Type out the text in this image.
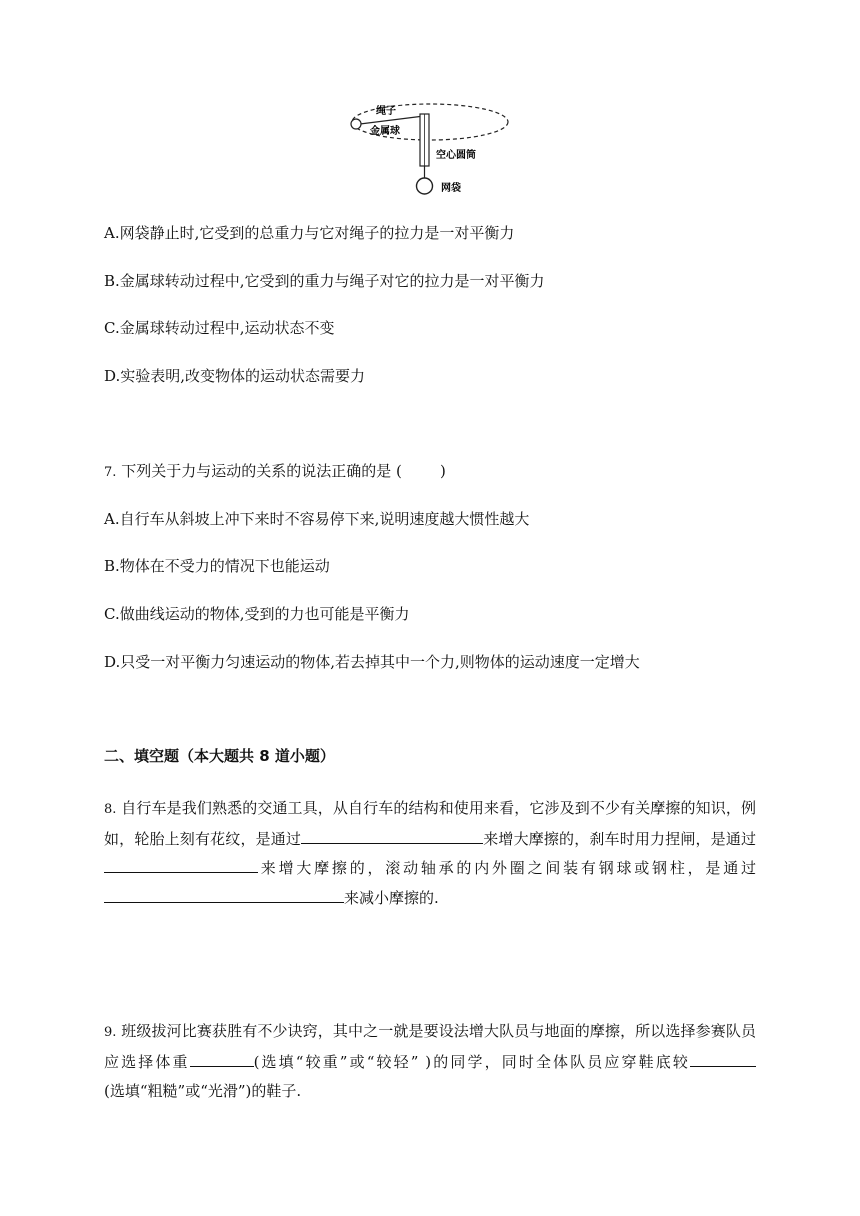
绳子
金属球
空心圆筒
网袋
A.网袋静止时,它受到的总重力与它对绳子的拉力是一对平衡力
B.金属球转动过程中,它受到的重力与绳子对它的拉力是一对平衡力
C.金属球转动过程中,运动状态不变
D.实验表明,改变物体的运动状态需要力
7. 下列关于力与运动的关系的说法正确的是 (        )
A.自行车从斜坡上冲下来时不容易停下来,说明速度越大惯性越大
B.物体在不受力的情况下也能运动
C.做曲线运动的物体,受到的力也可能是平衡力
D.只受一对平衡力匀速运动的物体,若去掉其中一个力,则物体的运动速度一定增大
二、填空题（本大题共 8 道小题）
8. 自行车是我们熟悉的交通工具，从自行车的结构和使用来看，它涉及到不少有关摩擦的知识，例如，轮胎上刻有花纹，是通过	来增大摩擦的，刹车时用力捏闸，是通过来增大摩擦的，滚动轴承的内外圈之间装有钢球或钢柱，是通过来减小摩擦的.
9. 班级拔河比赛获胜有不少诀窍，其中之一就是要设法增大队员与地面的摩擦，所以选择参赛队员应选择体重	(选填“较重”或“较轻” )的同学，同时全体队员应穿鞋底较(选填“粗糙”或“光滑”)的鞋子.
